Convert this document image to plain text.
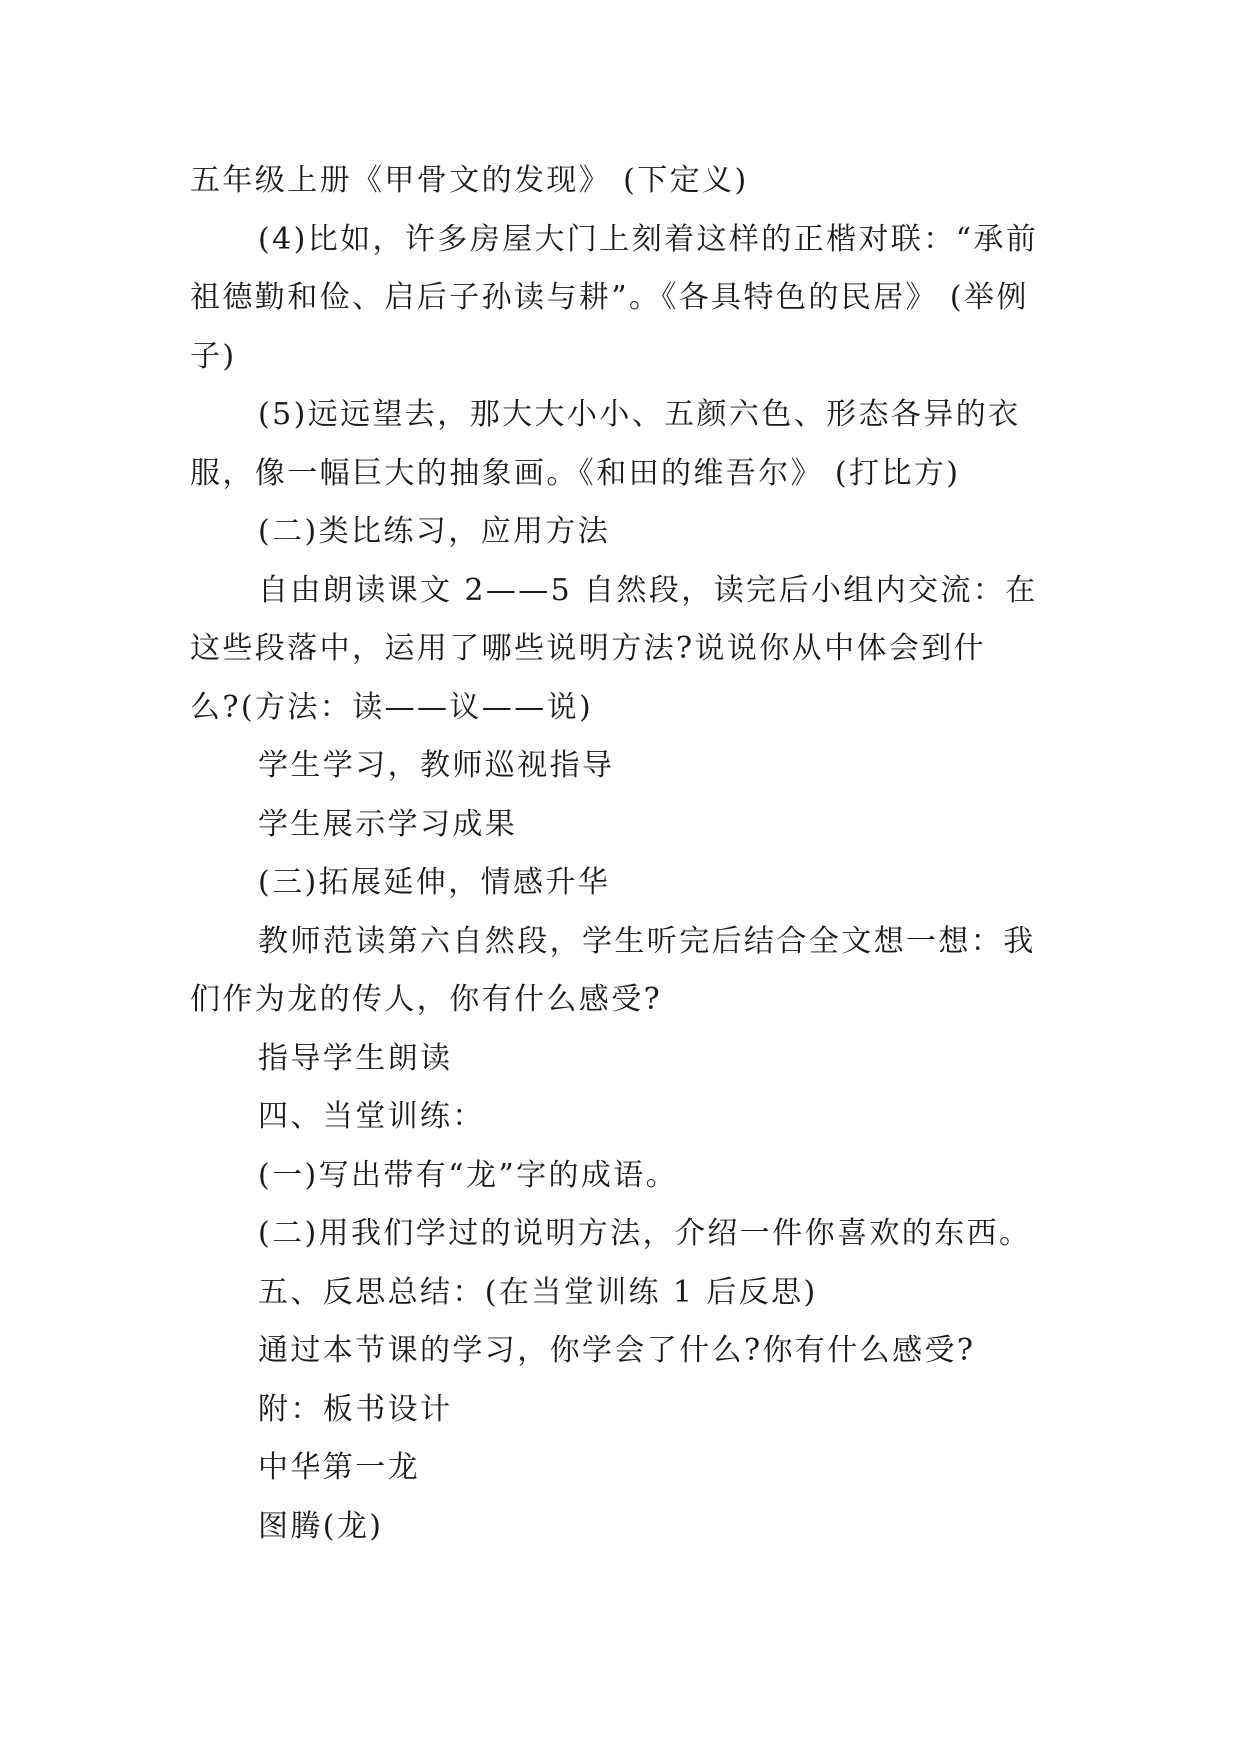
五年级上册《甲骨文的发现》 (下定义)

(4)比如，许多房屋大门上刻着这样的正楷对联：“承前

祖德勤和俭、启后子孙读与耕”。《各具特色的民居》 (举例

子)

(5)远远望去，那大大小小、五颜六色、形态各异的衣

服，像一幅巨大的抽象画。《和田的维吾尔》 (打比方)

(二)类比练习，应用方法

自由朗读课文 2——5 自然段，读完后小组内交流：在

这些段落中，运用了哪些说明方法?说说你从中体会到什

么?(方法：读——议——说)

学生学习，教师巡视指导

学生展示学习成果

(三)拓展延伸，情感升华

教师范读第六自然段，学生听完后结合全文想一想：我

们作为龙的传人，你有什么感受?

指导学生朗读

四、当堂训练：

(一)写出带有“龙”字的成语。

(二)用我们学过的说明方法，介绍一件你喜欢的东西。

五、反思总结：(在当堂训练 1 后反思)

通过本节课的学习，你学会了什么?你有什么感受?

附：板书设计

中华第一龙

图腾(龙)
